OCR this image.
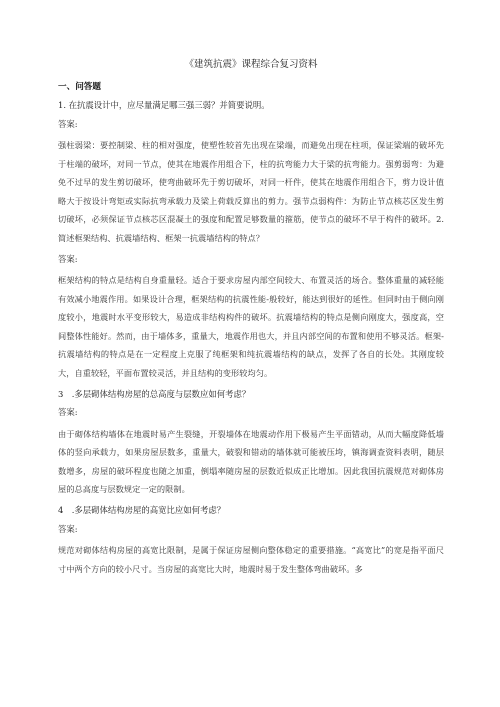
《建筑抗震》课程综合复习资料
一、问答题
1. 在抗震设计中，应尽量满足哪三强三弱？并简要说明。
答案:
强柱弱梁：要控制梁、柱的相对强度，使塑性较首先出现在梁端，而避免出现在柱项，保证梁端的破坏先于柱端的破坏，对同一节点，使其在地震作用组合下，柱的抗弯能力大于梁的抗弯能力。强剪弱弯：为避免不过早的发生剪切破坏，使弯曲破坏先于剪切破坏，对同一杆件，使其在地震作用组合下，剪力设计值略大于按设计弯矩或实际抗弯承载力及梁上荷载反算出的剪力。强节点弱构件：为防止节点核芯区发生剪切破坏，必须保证节点核芯区混凝土的强度和配置足够数量的箍筋，使节点的破坏不早于构件的破坏。2. 简述框架结构、抗震墙结构、框架一抗震墙结构的特点？
答案:
框架结构的特点是结构自身重量轻。适合于要求房屋内部空间较大、布置灵活的场合。整体重量的减轻能有效减小地震作用。如果设计合理，框架结构的抗震性能-般较好，能达到很好的延性。但同时由于侧向刚度较小，地震时水平变形较大，易造成非结构构件的破坏。抗震墙结构的特点是侧向刚度大，强度高，空间整体性能好。然而，由于墙体多，重量大，地震作用也大，并且内部空间的布置和使用不够灵活。框架-抗震墙结构的特点是在一定程度上克服了纯框架和纯抗震墙结构的缺点，发挥了各自的长处。其刚度较大，自重较轻，平面布置较灵活，并且结构的变形较均匀。
3　.多层砌体结构房屋的总高度与层数应如何考虑？
答案:
由于砌体结构墙体在地震时易产生裂缝，开裂墙体在地震动作用下极易产生平面错动，从而大幅度降低墙体的竖向承载力，如果房屋层数多，重量大，破裂和错动的墙体就可能被压垮，镇海调查资料表明，随层数增多，房屋的破坏程度也随之加重，倒塌率随房屋的层数近似成正比增加。因此我国抗震规范对砌体房屋的总高度与层数规定一定的限制。
4　.多层砌体结构房屋的高宽比应如何考虑？
答案:
规范对砌体结构房屋的高宽比限制，是属于保证房屋侧向整体稳定的重要措施。“高宽比”的宽是指平面尺寸中两个方向的较小尺寸。当房屋的高宽比大时，地震时易于发生整体弯曲破坏。多
